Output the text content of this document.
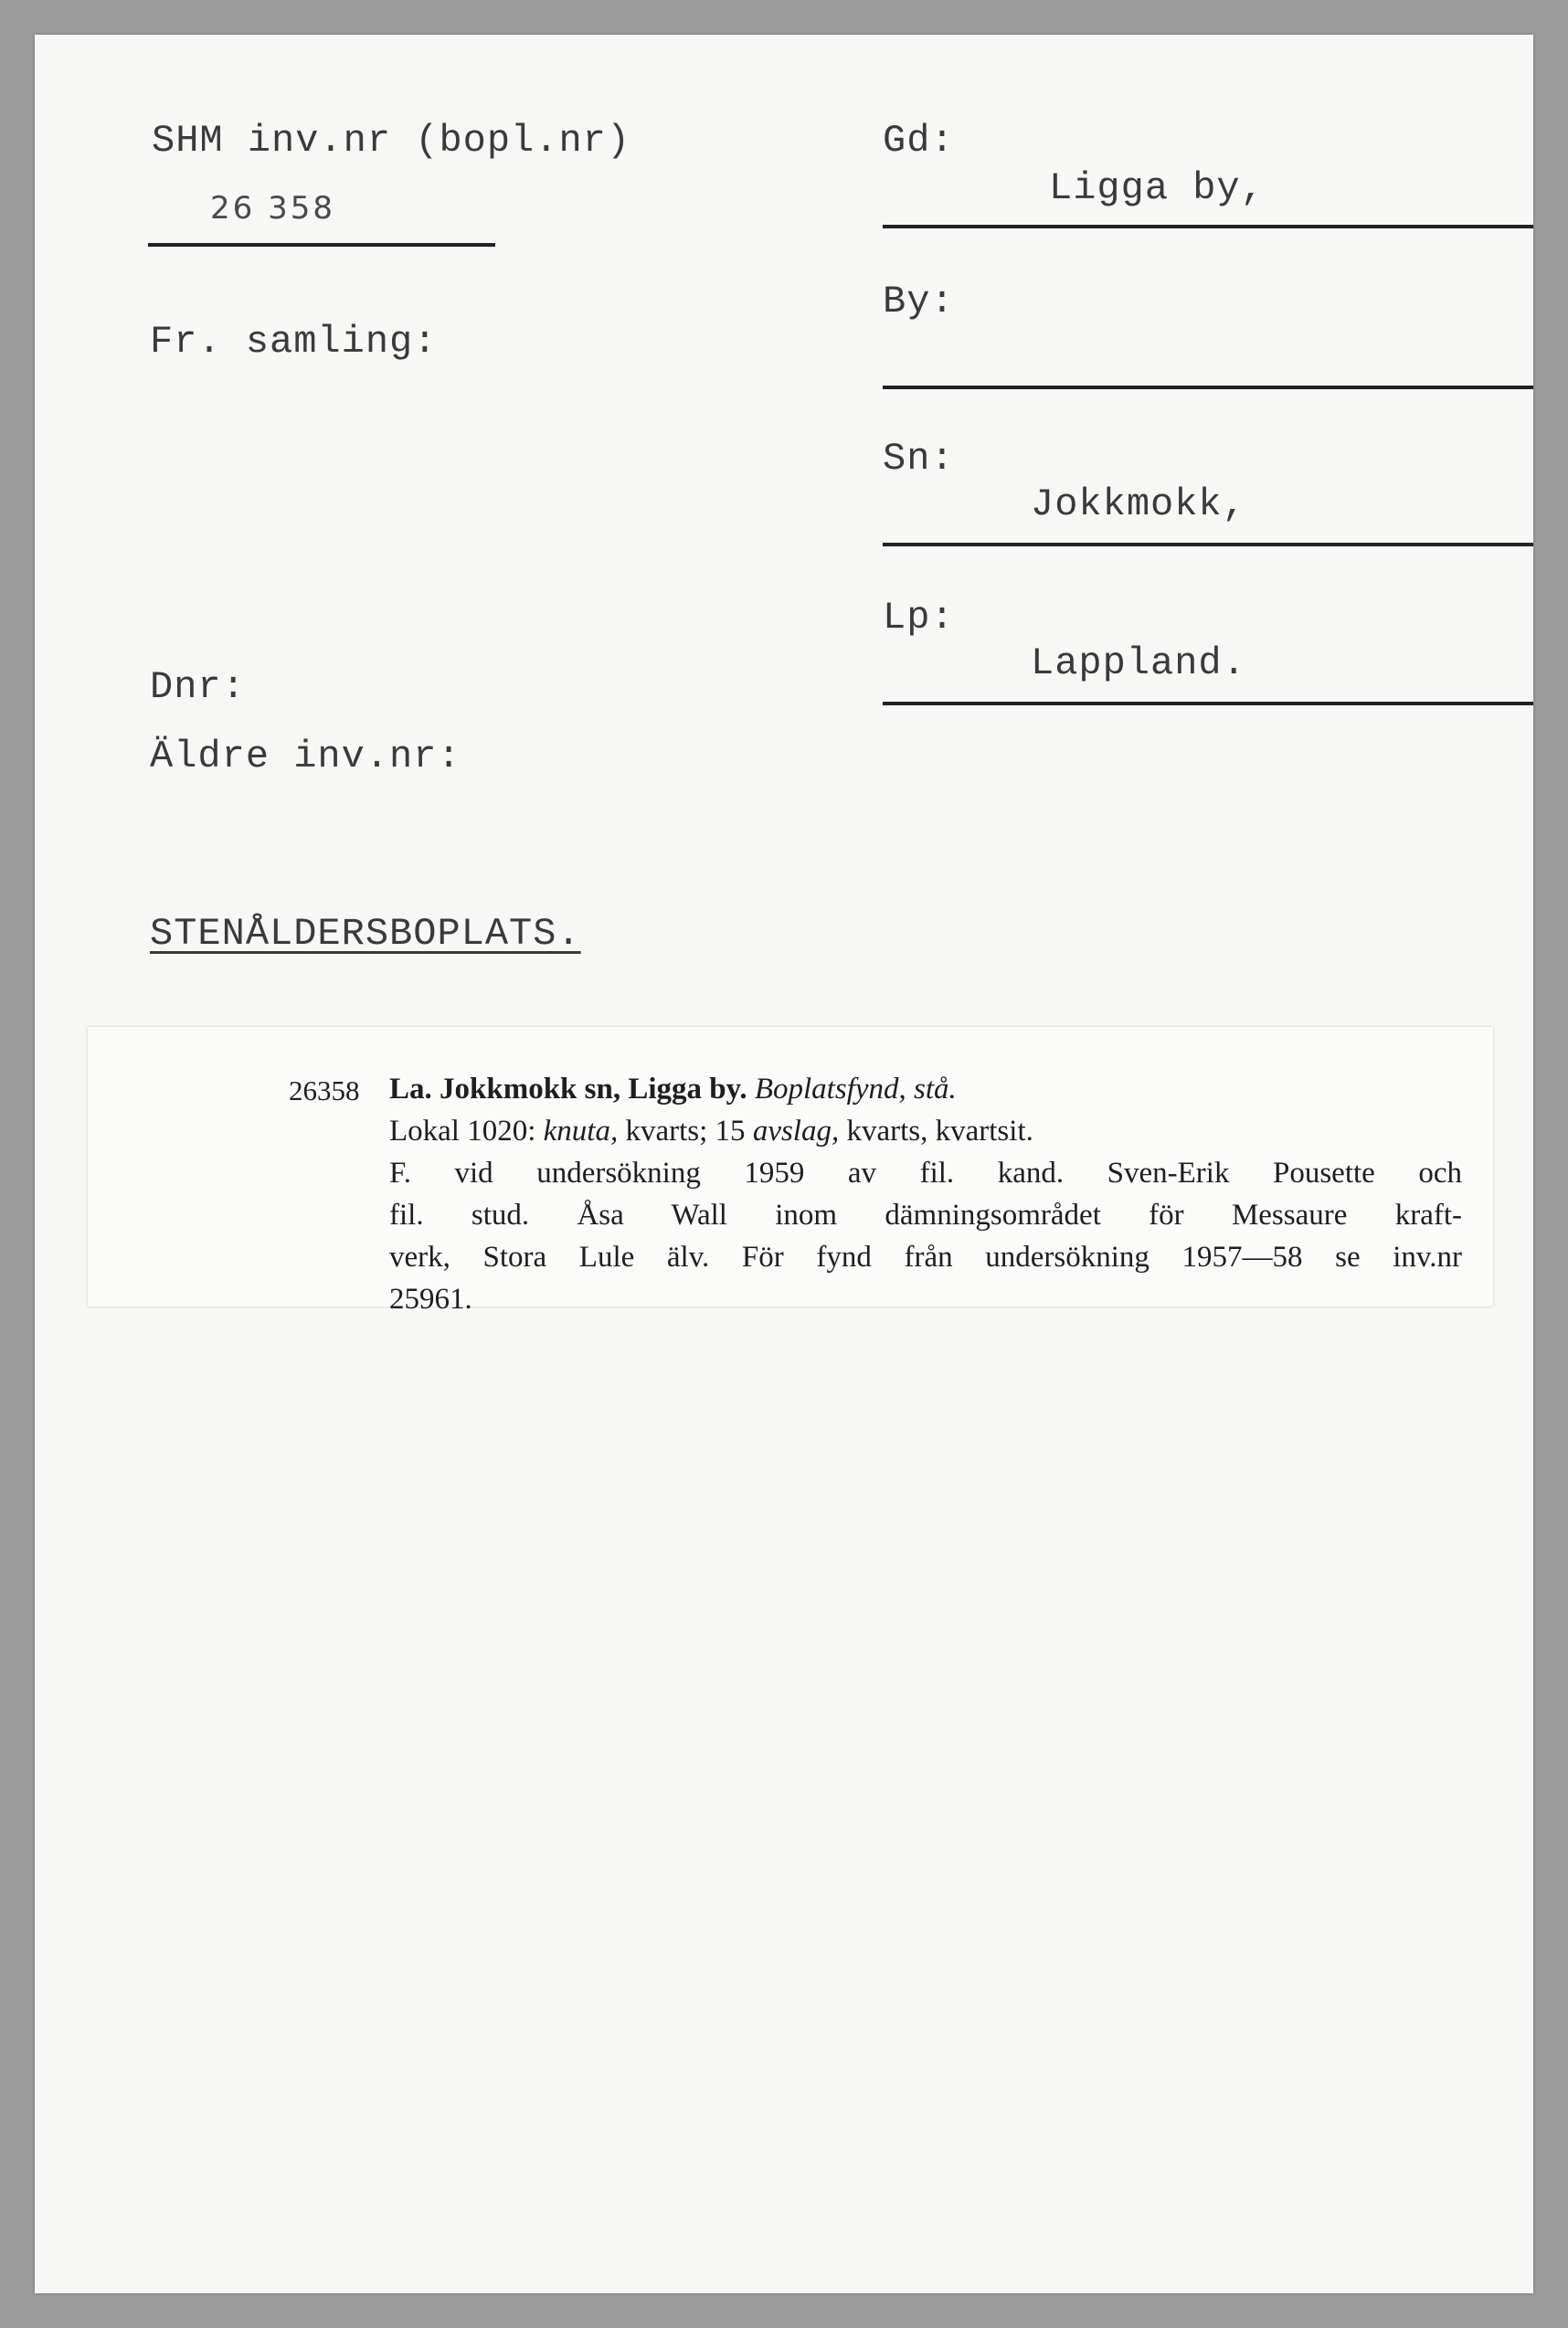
SHM inv.nr (bopl.nr)
26 358
Fr. samling:
Dnr:
Äldre inv.nr:
STENÅLDERSBOPLATS.
Gd:
Ligga by,
By:
Sn:
Jokkmokk,
Lp:
Lappland.
26358 La. Jokkmokk sn, Ligga by. Boplatsfynd, stå.
Lokal 1020: knuta, kvarts; 15 avslag, kvarts, kvartsit.
F. vid undersökning 1959 av fil. kand. Sven-Erik Pousette och
fil. stud. Åsa Wall inom dämningsområdet för Messaure kraft-
verk, Stora Lule älv. För fynd från undersökning 1957—58 se inv.nr
25961.
